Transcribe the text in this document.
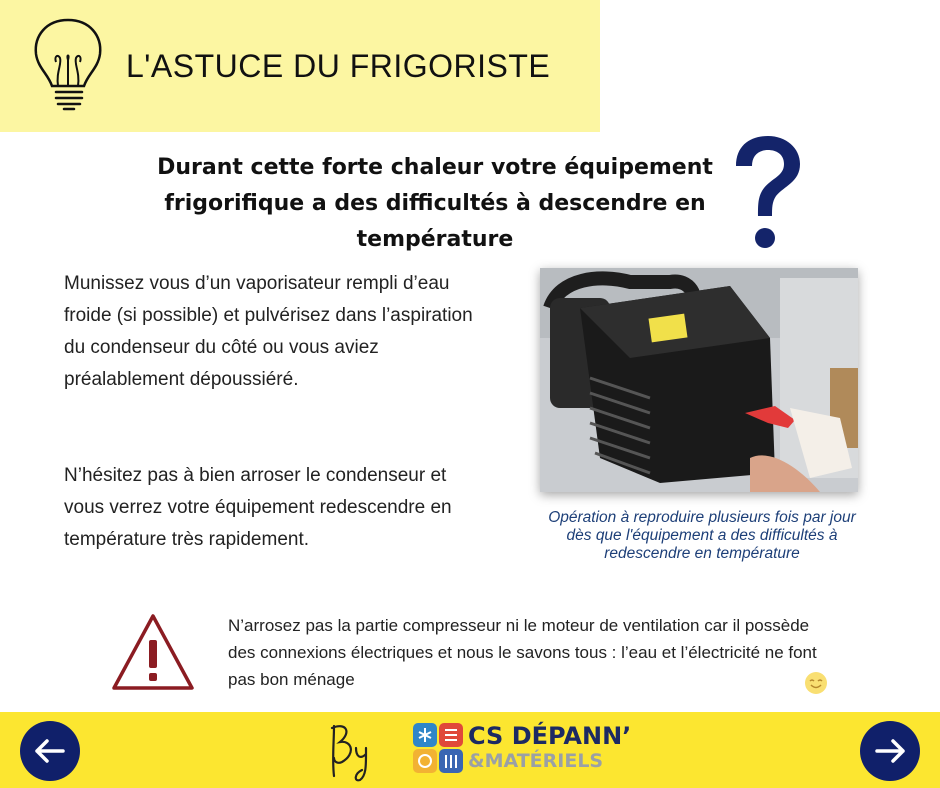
L'ASTUCE DU FRIGORISTE
Durant cette forte chaleur votre équipement frigorifique a des difficultés à descendre en température

Munissez vous d’un vaporisateur rempli d’eau froide (si possible) et pulvérisez dans l’aspiration du condenseur du côté ou vous aviez préalablement dépoussiéré.

N’hésitez pas à bien arroser le condenseur et vous verrez votre équipement redescendre en température très rapidement.

Opération à reproduire plusieurs fois par jour dès que l'équipement a des difficultés à redescendre en température

N’arrosez pas la partie compresseur ni le moteur de ventilation car il possède des connexions électriques et nous le savons tous : l’eau et l’électricité ne font pas bon ménage

By
CS DÉPANN’
&MATÉRIELS
